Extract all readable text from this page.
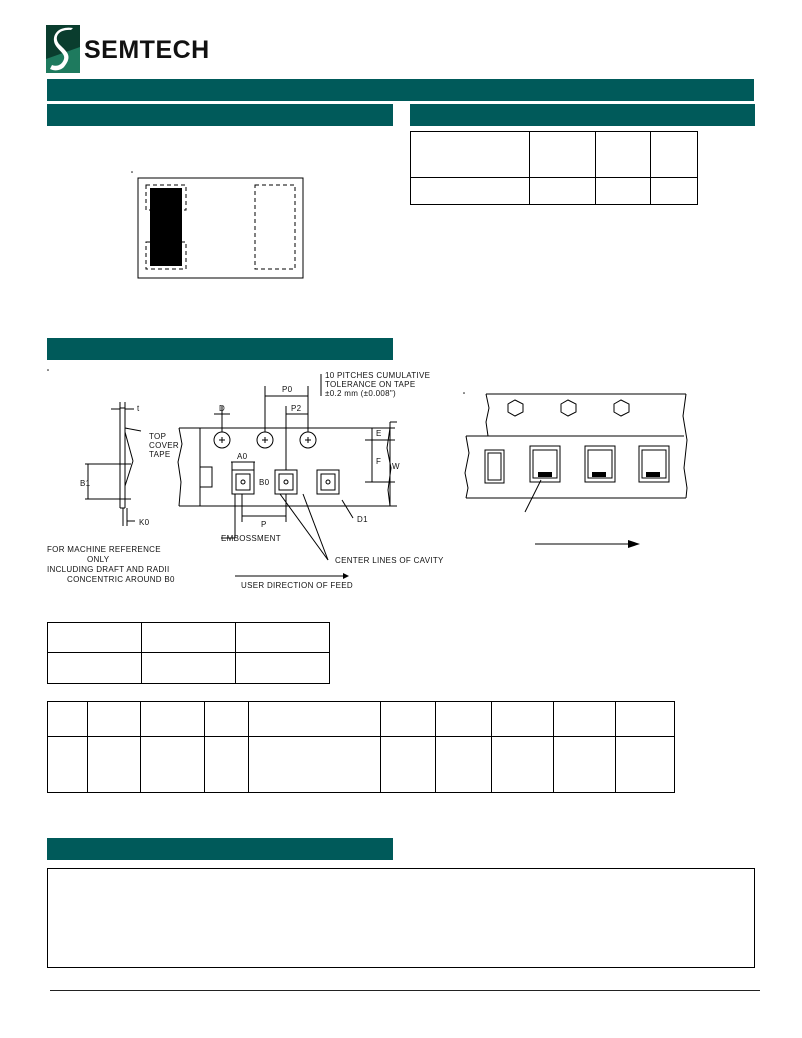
SEMTECH

t
TOP
COVER
TAPE
B1
K0
10 PITCHES CUMULATIVE
TOLERANCE ON TAPE
±0.2 mm (±0.008")
D
P0
P2
A0
B0
E
F
W
P
D1
EMBOSSMENT
CENTER LINES OF CAVITY
FOR MACHINE REFERENCE
ONLY
INCLUDING DRAFT AND RADII
CONCENTRIC AROUND B0
USER DIRECTION OF FEED
